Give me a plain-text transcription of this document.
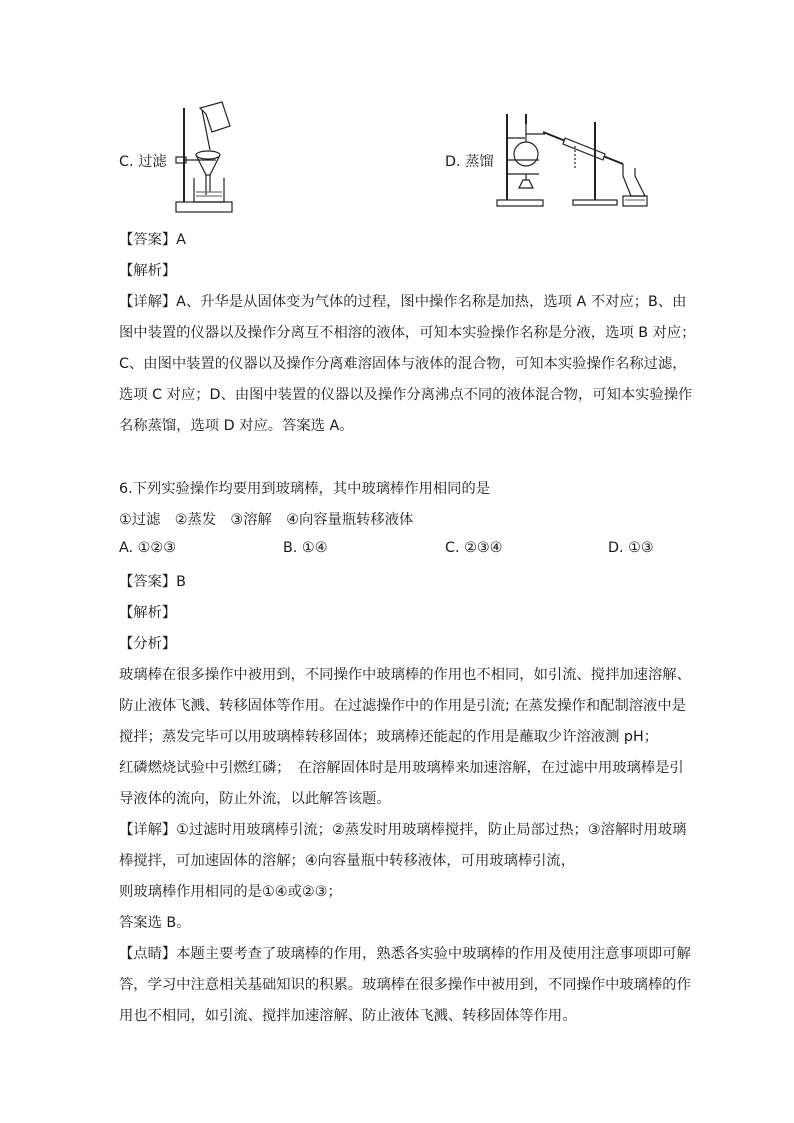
C. 过滤	D. 蒸馏
【答案】A
【解析】
【详解】A、升华是从固体变为气体的过程，图中操作名称是加热，选项 A 不对应；B、由
图中装置的仪器以及操作分离互不相溶的液体，可知本实验操作名称是分液，选项 B 对应；
C、由图中装置的仪器以及操作分离难溶固体与液体的混合物，可知本实验操作名称过滤，
选项 C 对应；D、由图中装置的仪器以及操作分离沸点不同的液体混合物，可知本实验操作
名称蒸馏，选项 D 对应。答案选 A。
6.下列实验操作均要用到玻璃棒，其中玻璃棒作用相同的是
①过滤　②蒸发　③溶解　④向容量瓶转移液体
A. ①②③	B. ①④	C. ②③④	D. ①③
【答案】B
【解析】
【分析】
玻璃棒在很多操作中被用到，不同操作中玻璃棒的作用也不相同，如引流、搅拌加速溶解、
防止液体飞溅、转移固体等作用。在过滤操作中的作用是引流; 在蒸发操作和配制溶液中是
搅拌；蒸发完毕可以用玻璃棒转移固体；玻璃棒还能起的作用是蘸取少许溶液测 pH；
红磷燃烧试验中引燃红磷；　在溶解固体时是用玻璃棒来加速溶解，在过滤中用玻璃棒是引
导液体的流向，防止外流，以此解答该题。
【详解】①过滤时用玻璃棒引流；②蒸发时用玻璃棒搅拌，防止局部过热；③溶解时用玻璃
棒搅拌，可加速固体的溶解；④向容量瓶中转移液体，可用玻璃棒引流，
则玻璃棒作用相同的是①④或②③；
答案选 B。
【点睛】本题主要考查了玻璃棒的作用，熟悉各实验中玻璃棒的作用及使用注意事项即可解
答，学习中注意相关基础知识的积累。玻璃棒在很多操作中被用到，不同操作中玻璃棒的作
用也不相同，如引流、搅拌加速溶解、防止液体飞溅、转移固体等作用。
